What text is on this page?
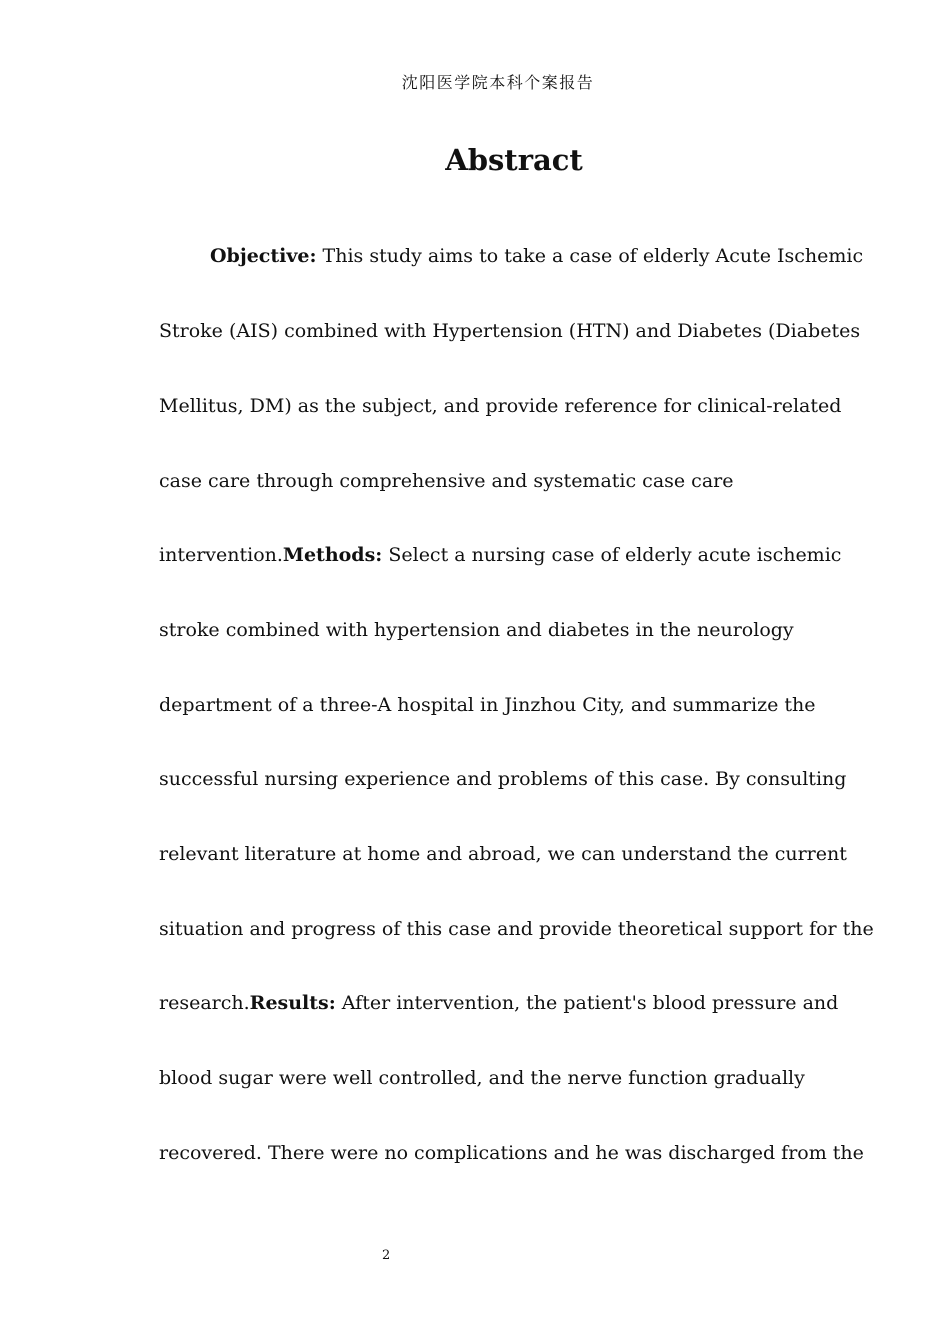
沈阳医学院本科个案报告
Abstract
Objective: This study aims to take a case of elderly Acute Ischemic
Stroke (AIS) combined with Hypertension (HTN) and Diabetes (Diabetes
Mellitus, DM) as the subject, and provide reference for clinical-related
case care through comprehensive and systematic case care
intervention.Methods: Select a nursing case of elderly acute ischemic
stroke combined with hypertension and diabetes in the neurology
department of a three-A hospital in Jinzhou City, and summarize the
successful nursing experience and problems of this case. By consulting
relevant literature at home and abroad, we can understand the current
situation and progress of this case and provide theoretical support for the
research.Results: After intervention, the patient's blood pressure and
blood sugar were well controlled, and the nerve function gradually
recovered. There were no complications and he was discharged from the
2
